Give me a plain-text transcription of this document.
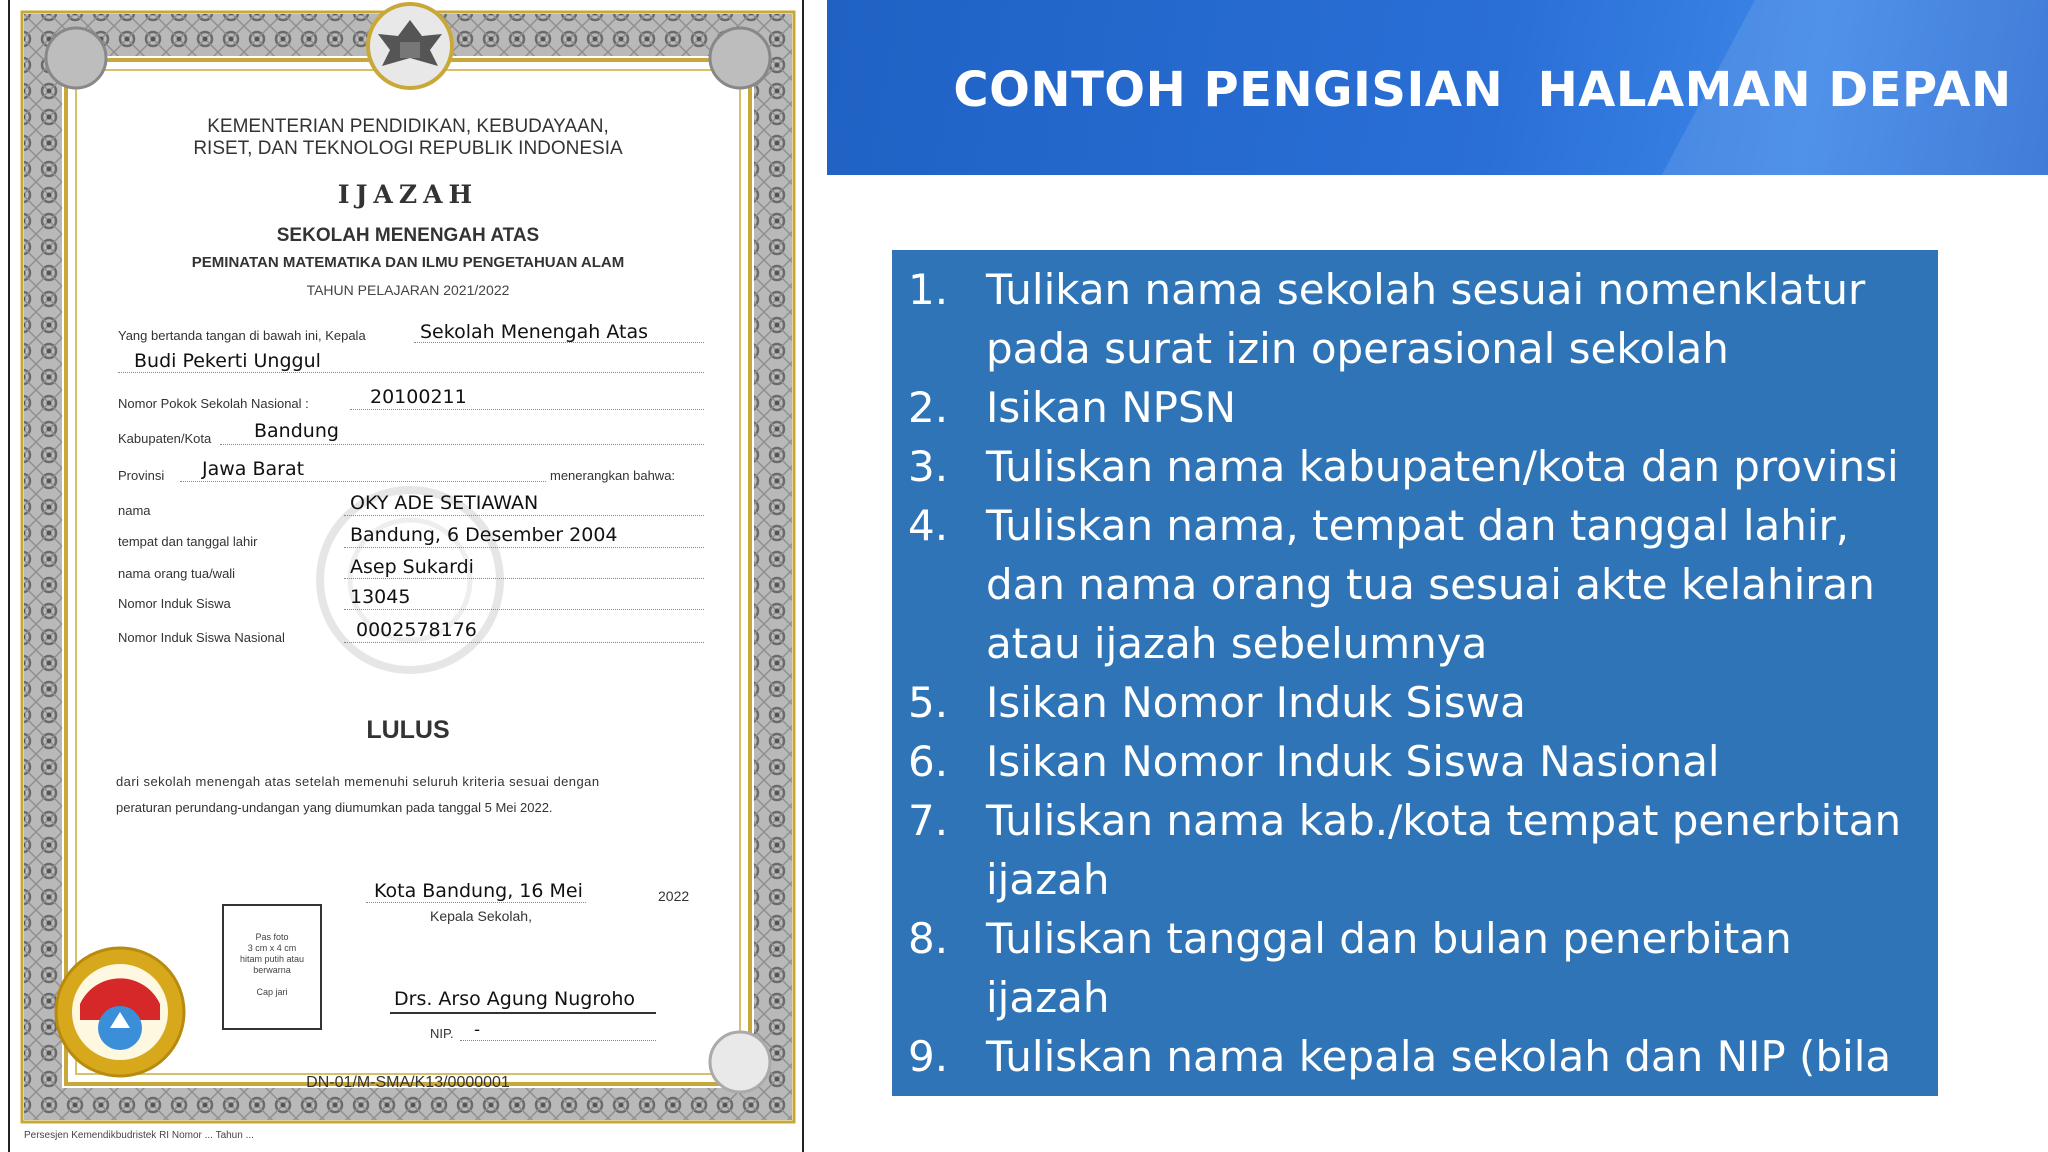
KEMENTERIAN PENDIDIKAN, KEBUDAYAAN,
RISET, DAN TEKNOLOGI REPUBLIK INDONESIA
IJAZAH
SEKOLAH MENENGAH ATAS
PEMINATAN MATEMATIKA DAN ILMU PENGETAHUAN ALAM
TAHUN PELAJARAN 2021/2022
Yang bertanda tangan di bawah ini, Kepala	Sekolah Menengah Atas
Budi Pekerti Unggul
Nomor Pokok Sekolah Nasional :	20100211
Kabupaten/Kota Bandung
Provinsi Jawa Barat	menerangkan bahwa:
nama	OKY ADE SETIAWAN
tempat dan tanggal lahir	Bandung, 6 Desember 2004
nama orang tua/wali	Asep Sukardi
Nomor Induk Siswa	13045
Nomor Induk Siswa Nasional	0002578176
LULUS
dari sekolah menengah atas setelah memenuhi seluruh kriteria sesuai dengan
peraturan perundang-undangan yang diumumkan pada tanggal 5 Mei 2022.
Pas foto
3 cm x 4 cm
hitam putih atau
berwarna
Cap jari
Kota Bandung, 16 Mei	2022
Kepala Sekolah,
Drs. Arso Agung Nugroho
NIP. -
DN-01/M-SMA/K13/0000001
Persesjen Kemendikbudristek RI Nomor ... Tahun ...
CONTOH PENGISIAN  HALAMAN DEPAN
1. Tulikan nama sekolah sesuai nomenklatur pada surat izin operasional sekolah
2. Isikan NPSN
3. Tuliskan nama kabupaten/kota dan provinsi
4. Tuliskan nama, tempat dan tanggal lahir, dan nama orang tua sesuai akte kelahiran atau ijazah sebelumnya
5. Isikan Nomor Induk Siswa
6. Isikan Nomor Induk Siswa Nasional
7. Tuliskan nama kab./kota tempat penerbitan ijazah
8. Tuliskan tanggal dan bulan penerbitan ijazah
9. Tuliskan nama kepala sekolah dan NIP (bila ada)
